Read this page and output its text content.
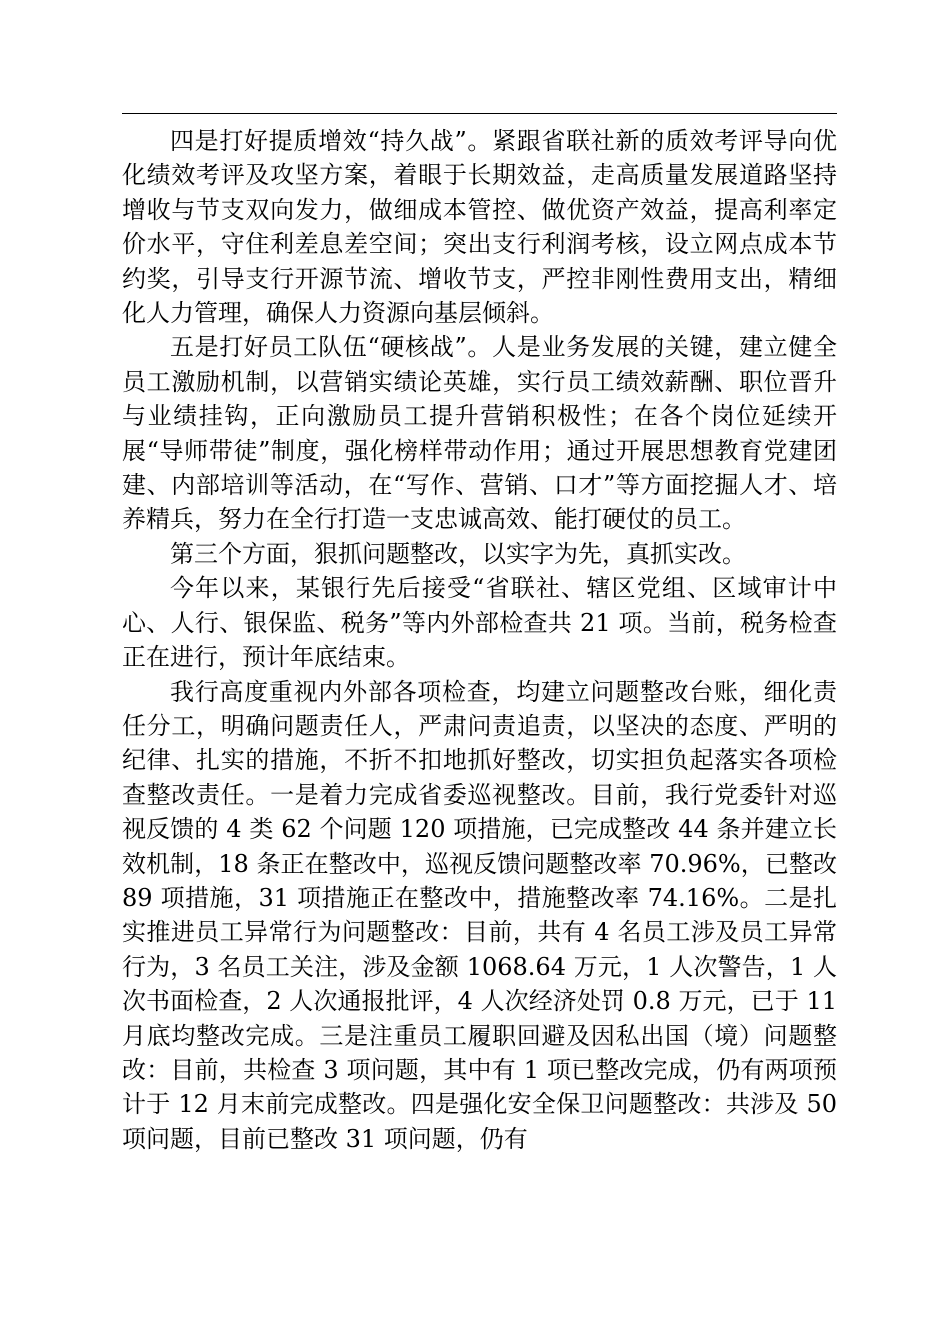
四是打好提质增效“持久战”。紧跟省联社新的质效考评导向优化绩效考评及攻坚方案，着眼于长期效益，走高质量发展道路坚持增收与节支双向发力，做细成本管控、做优资产效益，提高利率定价水平，守住利差息差空间；突出支行利润考核，设立网点成本节约奖，引导支行开源节流、增收节支，严控非刚性费用支出，精细化人力管理，确保人力资源向基层倾斜。

五是打好员工队伍“硬核战”。人是业务发展的关键，建立健全员工激励机制，以营销实绩论英雄，实行员工绩效薪酬、职位晋升与业绩挂钩，正向激励员工提升营销积极性；在各个岗位延续开展“导师带徒”制度，强化榜样带动作用；通过开展思想教育党建团建、内部培训等活动，在“写作、营销、口才”等方面挖掘人才、培养精兵，努力在全行打造一支忠诚高效、能打硬仗的员工。

第三个方面，狠抓问题整改，以实字为先，真抓实改。

今年以来，某银行先后接受“省联社、辖区党组、区域审计中心、人行、银保监、税务”等内外部检查共 21 项。当前，税务检查正在进行，预计年底结束。

我行高度重视内外部各项检查，均建立问题整改台账，细化责任分工，明确问题责任人，严肃问责追责，以坚决的态度、严明的纪律、扎实的措施，不折不扣地抓好整改，切实担负起落实各项检查整改责任。一是着力完成省委巡视整改。目前，我行党委针对巡视反馈的 4 类 62 个问题 120 项措施，已完成整改 44 条并建立长效机制，18 条正在整改中，巡视反馈问题整改率 70.96%，已整改 89 项措施，31 项措施正在整改中，措施整改率 74.16%。二是扎实推进员工异常行为问题整改：目前，共有 4 名员工涉及员工异常行为，3 名员工关注，涉及金额 1068.64 万元，1 人次警告，1 人次书面检查，2 人次通报批评，4 人次经济处罚 0.8 万元，已于 11 月底均整改完成。三是注重员工履职回避及因私出国（境）问题整改：目前，共检查 3 项问题，其中有 1 项已整改完成，仍有两项预计于 12 月末前完成整改。四是强化安全保卫问题整改：共涉及 50 项问题，目前已整改 31 项问题，仍有
